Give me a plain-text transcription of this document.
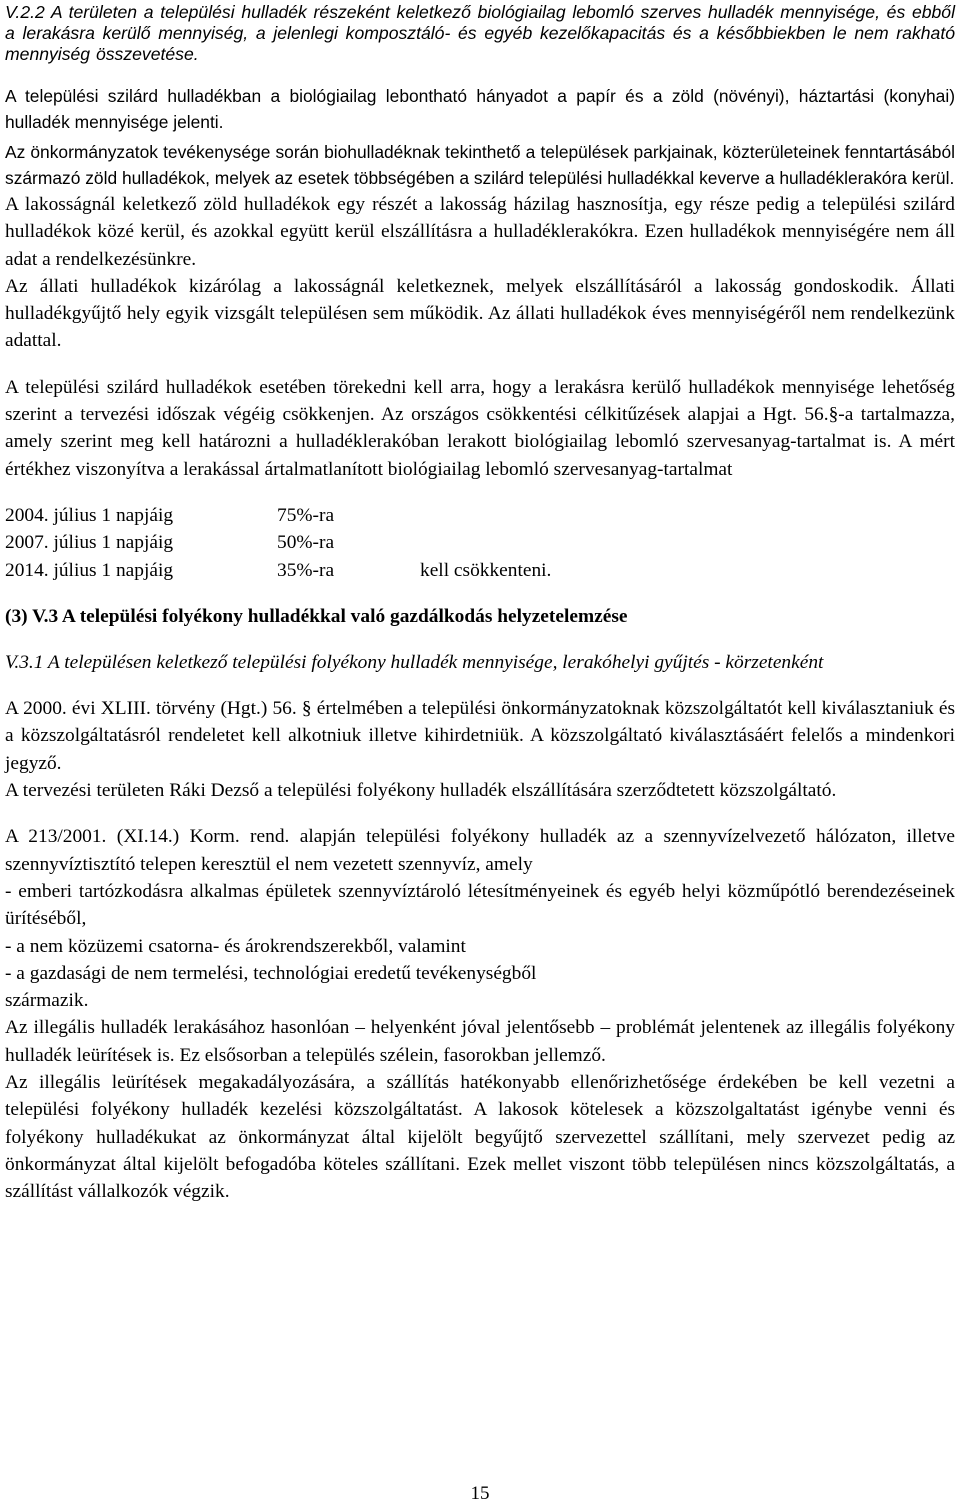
V.2.2 A területen a települési hulladék részeként keletkező biológiailag lebomló szerves hulladék mennyisége, és ebből a lerakásra kerülő mennyiség, a jelenlegi komposztáló- és egyéb kezelőkapacitás és a későbbiekben le nem rakható mennyiség összevetése.

A települési szilárd hulladékban a biológiailag lebontható hányadot a papír és a zöld (növényi), háztartási (konyhai) hulladék mennyisége jelenti.

Az önkormányzatok tevékenysége során biohulladéknak tekinthető a települések parkjainak, közterületeinek fenntartásából származó zöld hulladékok, melyek az esetek többségében a szilárd települési hulladékkal keverve a hulladéklerakóra kerül.

A lakosságnál keletkező zöld hulladékok egy részét a lakosság házilag hasznosítja, egy része pedig a települési szilárd hulladékok közé kerül, és azokkal együtt kerül elszállításra a hulladéklerakókra. Ezen hulladékok mennyiségére nem áll adat a rendelkezésünkre.

Az állati hulladékok kizárólag a lakosságnál keletkeznek, melyek elszállításáról a lakosság gondoskodik. Állati hulladékgyűjtő hely egyik vizsgált településen sem működik. Az állati hulladékok éves mennyiségéről nem rendelkezünk adattal.

A települési szilárd hulladékok esetében törekedni kell arra, hogy a lerakásra kerülő hulladékok mennyisége lehetőség szerint a tervezési időszak végéig csökkenjen. Az országos csökkentési célkitűzések alapjai a Hgt. 56.§-a tartalmazza, amely szerint meg kell határozni a hulladéklerakóban lerakott biológiailag lebomló szervesanyag-tartalmat is. A mért értékhez viszonyítva a lerakással ártalmatlanított biológiailag lebomló szervesanyag-tartalmat

2004. július 1 napjáig	75%-ra
2007. július 1 napjáig	50%-ra
2014. július 1 napjáig	35%-ra	kell csökkenteni.

(3) V.3 A települési folyékony hulladékkal való gazdálkodás helyzetelemzése

V.3.1 A településen keletkező települési folyékony hulladék mennyisége, lerakóhelyi gyűjtés - körzetenként

A 2000. évi XLIII. törvény (Hgt.) 56. § értelmében a települési önkormányzatoknak közszolgáltatót kell kiválasztaniuk és a közszolgáltatásról rendeletet kell alkotniuk illetve kihirdetniük. A közszolgáltató kiválasztásáért felelős a mindenkori jegyző.

A tervezési területen Ráki Dezső a települési folyékony hulladék elszállítására szerződtetett közszolgáltató.

A 213/2001. (XI.14.) Korm. rend. alapján települési folyékony hulladék az a szennyvízelvezető hálózaton, illetve szennyvíztisztító telepen keresztül el nem vezetett szennyvíz, amely

- emberi tartózkodásra alkalmas épületek szennyvíztároló létesítményeinek és egyéb helyi közműpótló berendezéseinek ürítéséből,

- a nem közüzemi csatorna- és árokrendszerekből, valamint

- a gazdasági de nem termelési, technológiai eredetű tevékenységből

származik.

Az illegális hulladék lerakásához hasonlóan – helyenként jóval jelentősebb – problémát jelentenek az illegális folyékony hulladék leürítések is. Ez elsősorban a település szélein, fasorokban jellemző.

Az illegális leürítések megakadályozására, a szállítás hatékonyabb ellenőrizhetősége érdekében be kell vezetni a települési folyékony hulladék kezelési közszolgáltatást. A lakosok kötelesek a közszolgaltatást igénybe venni és folyékony hulladékukat az önkormányzat által kijelölt begyűjtő szervezettel szállítani, mely szervezet pedig az önkormányzat által kijelölt befogadóba köteles szállítani. Ezek mellet viszont több településen nincs közszolgáltatás, a szállítást vállalkozók végzik.

15
